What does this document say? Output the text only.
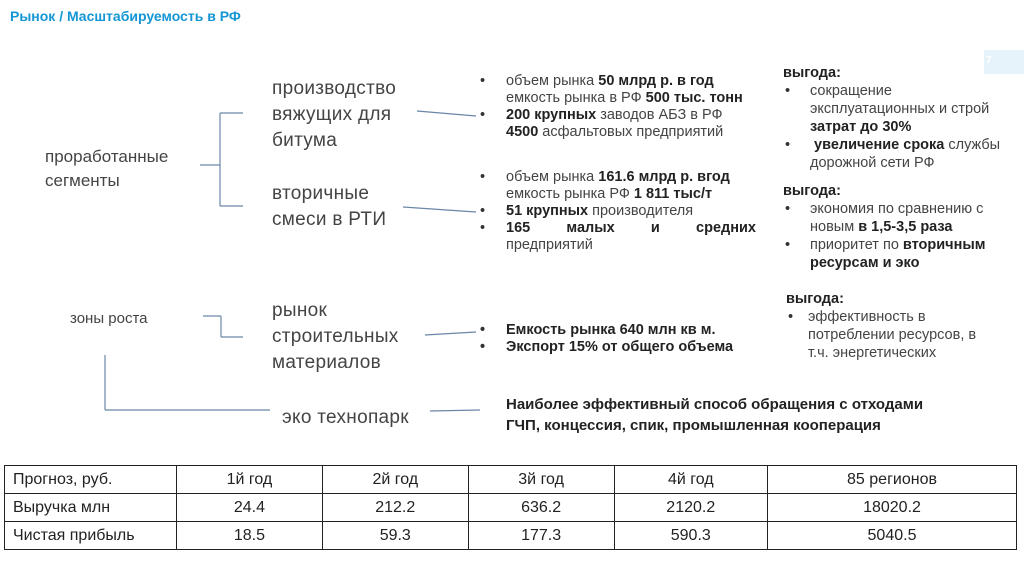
Рынок / Масштабируемость в РФ
7
проработанные сегменты
зоны роста
производство вяжущих для битума
вторичные смеси в РТИ
рынок строительных материалов
эко технопарк
• объем рынка 50 млрд р. в год
емкость рынка в РФ 500 тыс. тонн
• 200 крупных заводов АБЗ в РФ
4500 асфальтовых предприятий
• объем рынка 161.6 млрд р. вгод
емкость рынка РФ 1 811 тыс/т
• 51 крупных производителя
• 165 малых и средних
предприятий
• Емкость рынка 640 млн кв м.
• Экспорт 15% от общего объема
выгода:
• сокращение
эксплуатационных и строй
затрат до 30%
• увеличение срока службы
дорожной сети РФ
выгода:
• экономия по сравнению с
новым в 1,5-3,5 раза
• приоритет по вторичным
ресурсам и эко
выгода:
• эффективность в
потреблении ресурсов, в
т.ч. энергетических
Наиболее эффективный способ обращения с отходами
ГЧП, концессия, спик, промышленная кооперация
Прогноз, руб.	1й год	2й год	3й год	4й год	85 регионов
Выручка млн	24.4	212.2	636.2	2120.2	18020.2
Чистая прибыль	18.5	59.3	177.3	590.3	5040.5
